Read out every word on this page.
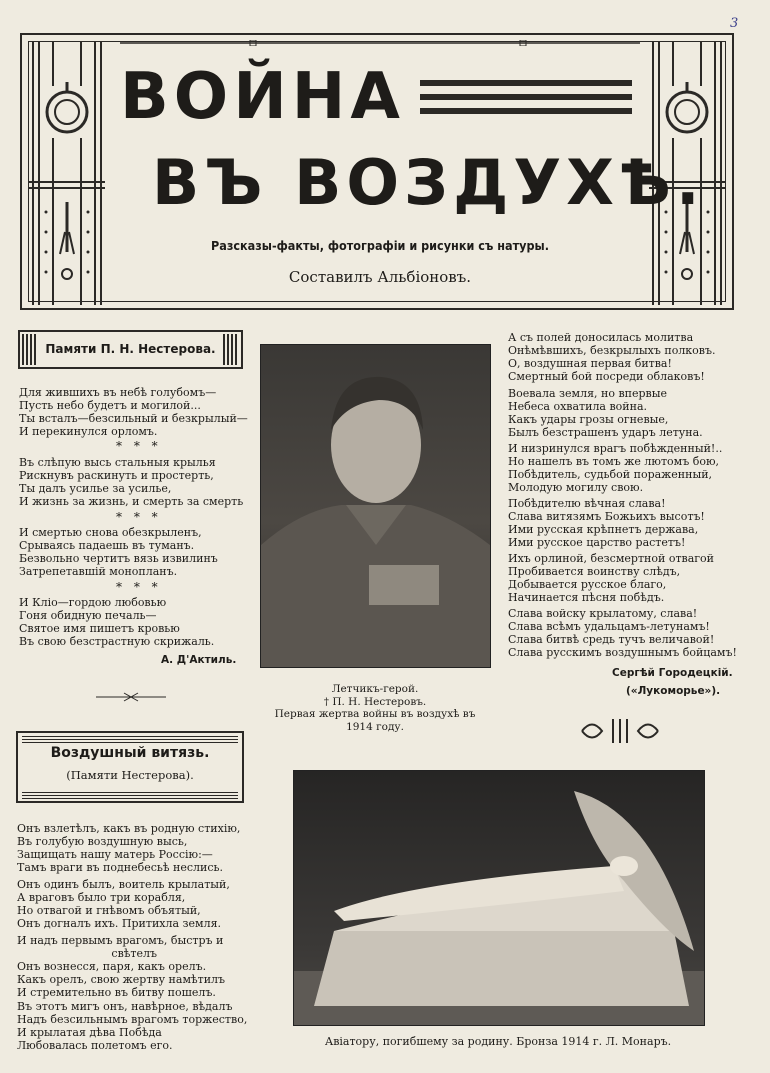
3
ВОЙНА
ВЪ ВОЗДУХѢ.
Разсказы-факты, фотографіи и рисунки съ натуры.
Составилъ Альбіоновъ.
Памяти П. Н. Нестерова.
Для жившихъ въ небѣ голубомъ—
Пусть небо будетъ и могилой...
Ты всталъ—безсильный и безкрылый—
И перекинулся орломъ.
* * *
Въ слѣпую высь стальныя крылья
Рискнувъ раскинуть и простерть,
Ты далъ усилье за усилье,
И жизнь за жизнь, и смерть за смерть
* * *
И смертью снова обезкрыленъ,
Срываясь падаешь въ туманъ.
Безвольно чертитъ вязь извилинъ
Затрепетавшій монопланъ.
* * *
И Кліо—гордою любовью
Гоня обидную печаль—
Святое имя пишетъ кровью
Въ свою безстрастную скрижаль.
А. Д'Актиль.
Летчикъ-герой.
† П. Н. Нестеровъ.
Первая жертва войны въ воздухѣ въ
1914 году.
А съ полей доносилась молитва
Онѣмѣвшихъ, безкрылыхъ полковъ.
О, воздушная первая битва!
Смертный бой посреди облаковъ!
Воевала земля, но впервые
Небеса охватила война.
Какъ удары грозы огневые,
Былъ безстрашенъ ударъ летуна.
И низринулся врагъ побѣжденный!..
Но нашелъ въ томъ же лютомъ бою,
Побѣдитель, судьбой пораженный,
Молодую могилу свою.
Побѣдителю вѣчная слава!
Слава витязямъ Божьихъ высотъ!
Ими русская крѣпнетъ держава,
Ими русское царство растетъ!
Ихъ орлиной, безсмертной отвагой
Пробивается воинству слѣдъ,
Добывается русское благо,
Начинается пѣсня побѣдъ.
Слава войску крылатому, слава!
Слава всѣмъ удальцамъ-летунамъ!
Слава битвѣ средь тучъ величавой!
Слава русскимъ воздушнымъ бойцамъ!
Сергѣй Городецкій.
(«Лукоморье»).
Воздушный витязь.
(Памяти Нестерова).
Онъ взлетѣлъ, какъ въ родную стихію,
Въ голубую воздушную высь,
Защищать нашу матерь Россію:—
Тамъ враги въ поднебесьѣ неслись.
Онъ одинъ былъ, воитель крылатый,
А враговъ было три корабля,
Но отвагой и гнѣвомъ объятый,
Онъ догналъ ихъ. Притихла земля.
И надъ первымъ врагомъ, быстръ и
свѣтелъ
Онъ вознесся, паря, какъ орелъ.
Какъ орелъ, свою жертву намѣтилъ
И стремительно въ битву пошелъ.
Въ этотъ мигъ онъ, навѣрное, вѣдалъ
Надъ безсильнымъ врагомъ торжество,
И крылатая дѣва Побѣда
Любовалась полетомъ его.	Авіатору, погибшему за родину. Бронза 1914 г. Л. Монаръ.
